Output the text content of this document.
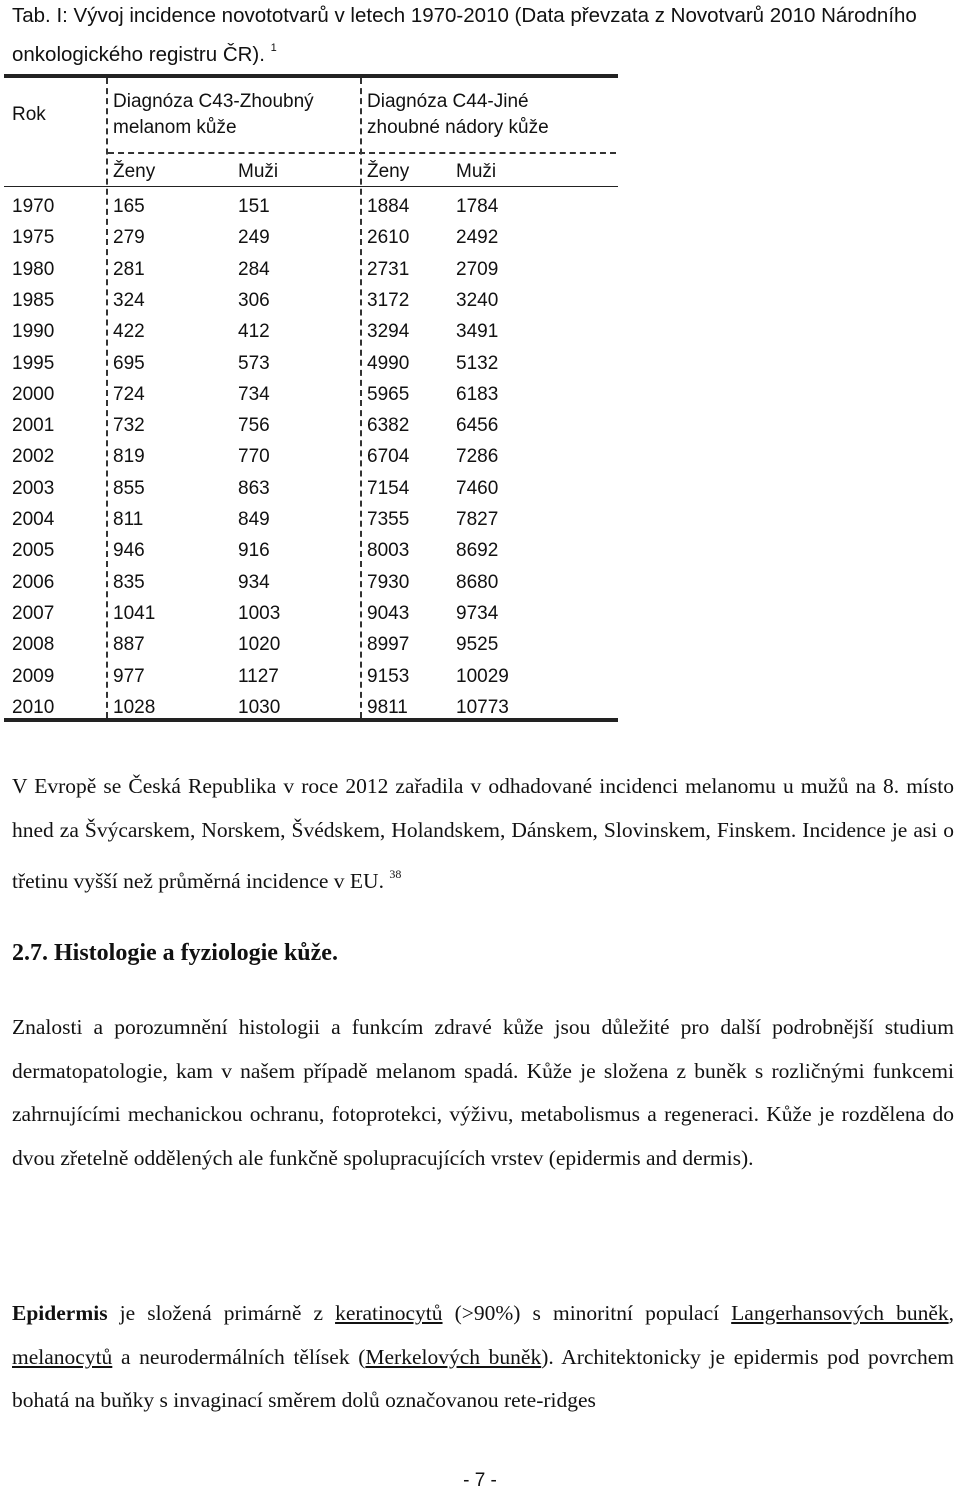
Tab. I: Vývoj incidence novototvarů v letech 1970-2010 (Data převzata z Novotvarů 2010 Národního onkologického registru ČR). $^1$
Rok
Diagnóza C43-Zhoubný
melanom kůže
Diagnóza C44-Jiné
zhoubné nádory kůže
Ženy	Muži	Ženy Muži
1970	165	151	1884 1784
1975	279	249	2610 2492
1980	281	284	2731 2709
1985	324	306	3172 3240
1990	422	412	3294 3491
1995	695	573	4990 5132
2000	724	734	5965 6183
2001	732	756	6382 6456
2002	819	770	6704 7286
2003	855	863	7154 7460
2004	811	849	7355 7827
2005	946	916	8003 8692
2006	835	934	7930 8680
2007	1041	1003	9043 9734
2008	887	1020	8997 9525
2009	977	1127	9153 10029
2010	1028	1030	9811	10773
V Evropě se Česká Republika v roce 2012 zařadila v odhadované incidenci melanomu u mužů na 8. místo hned za Švýcarskem, Norskem, Švédskem, Holandskem, Dánskem, Slovinskem, Finskem. Incidence je asi o třetinu vyšší než průměrná incidence v EU. $^{38}$
2.7. Histologie a fyziologie kůže.
Znalosti a porozumnění histologii a funkcím zdravé kůže jsou důležité pro další podrobnější studium dermatopatologie, kam v našem případě melanom spadá. Kůže je složena z buněk s rozličnými funkcemi zahrnujícími mechanickou ochranu, fotoprotekci, výživu, metabolismus a regeneraci. Kůže je rozdělena do dvou zřetelně oddělených ale funkčně spolupracujících vrstev (epidermis and dermis).
Epidermis je složená primárně z keratinocytů (>90%) s minoritní populací Langerhansových buněk, melanocytů a neurodermálních tělísek (Merkelových buněk). Architektonicky je epidermis pod povrchem bohatá na buňky s invaginací směrem dolů označovanou rete-ridges
- 7 -
